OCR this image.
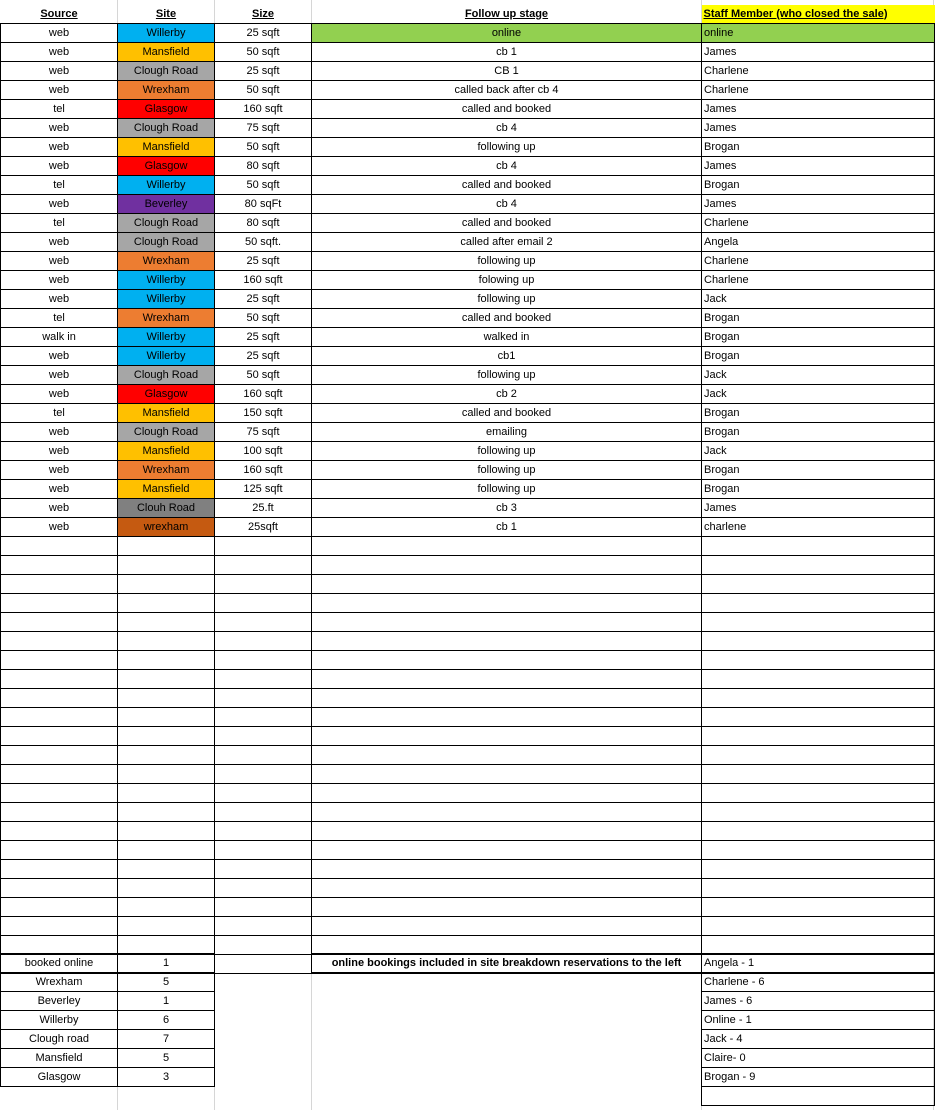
Source	Site	Size	Follow up stage	Staff Member (who closed the sale)
web	Willerby	25 sqft	online	online
web	Mansfield	50 sqft	cb 1	James
web	Clough Road	25 sqft	CB 1	Charlene
web	Wrexham	50 sqft	called back after cb 4	Charlene
tel	Glasgow	160 sqft	called and booked	James
web	Clough Road	75 sqft	cb 4	James
web	Mansfield	50 sqft	following up	Brogan
web	Glasgow	80 sqft	cb 4	James
tel	Willerby	50 sqft	called and booked	Brogan
web	Beverley	80 sqFt	cb 4	James
tel	Clough Road	80 sqft	called and booked	Charlene
web	Clough Road	50 sqft.	called after email 2	Angela
web	Wrexham	25 sqft	following up	Charlene
web	Willerby	160 sqft	folowing up	Charlene
web	Willerby	25 sqft	following up	Jack
tel	Wrexham	50 sqft	called and booked	Brogan
walk in	Willerby	25 sqft	walked in	Brogan
web	Willerby	25 sqft	cb1	Brogan
web	Clough Road	50 sqft	following up	Jack
web	Glasgow	160 sqft	cb 2	Jack
tel	Mansfield	150 sqft	called and booked	Brogan
web	Clough Road	75 sqft	emailing	Brogan
web	Mansfield	100 sqft	following up	Jack
web	Wrexham	160 sqft	following up	Brogan
web	Mansfield	125 sqft	following up	Brogan
web	Clouh Road	25.ft	cb 3	James
web	wrexham	25sqft	cb 1	charlene

booked online	1		online bookings included in site breakdown reservations to the left	Angela - 1
Wrexham	5			Charlene - 6
Beverley	1			James - 6
Willerby	6			Online - 1
Clough road	7			Jack - 4
Mansfield	5			Claire- 0
Glasgow	3			Brogan - 9
